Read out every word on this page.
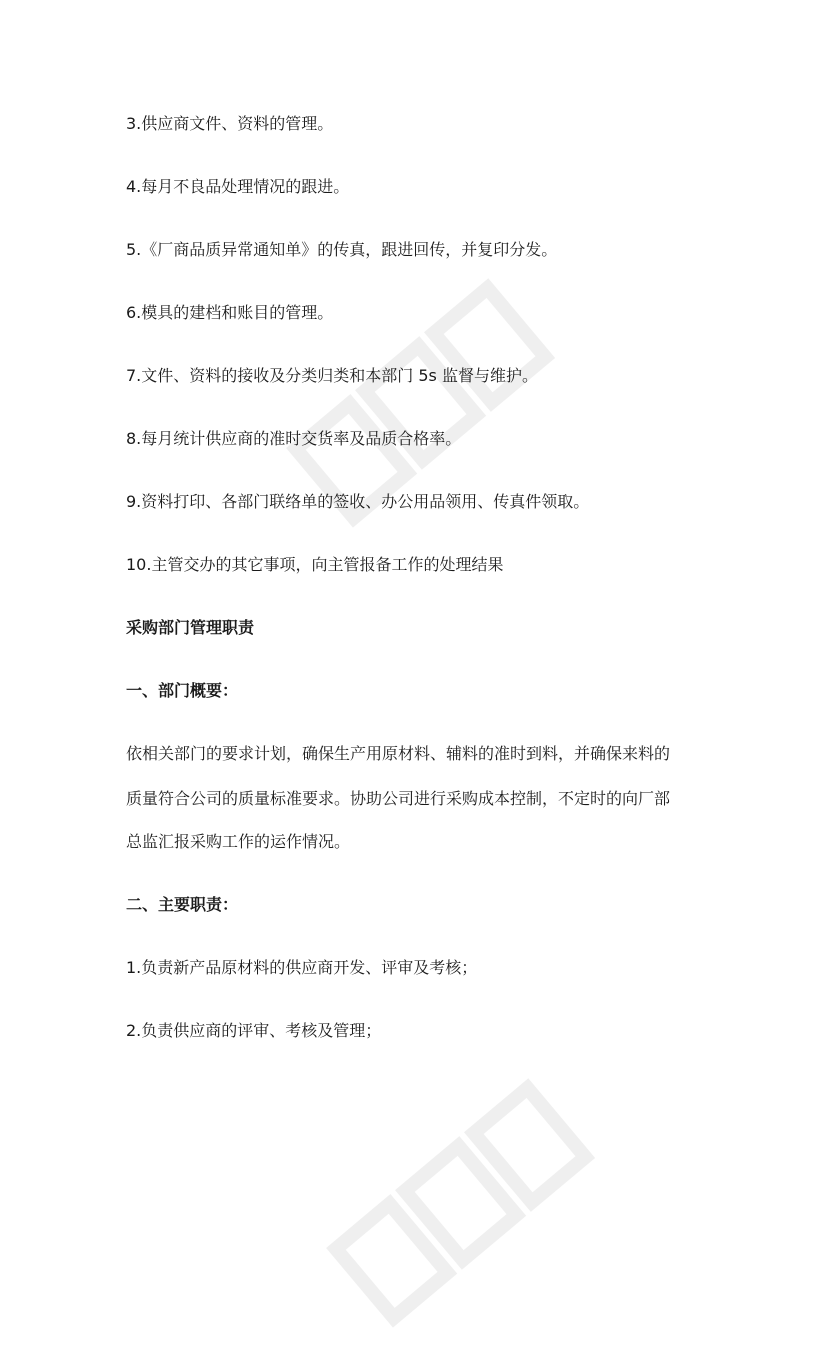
3.供应商文件、资料的管理。
4.每月不良品处理情况的跟进。
5.《厂商品质异常通知单》的传真，跟进回传，并复印分发。
6.模具的建档和账目的管理。
7.文件、资料的接收及分类归类和本部门 5s 监督与维护。
8.每月统计供应商的准时交货率及品质合格率。
9.资料打印、各部门联络单的签收、办公用品领用、传真件领取。
10.主管交办的其它事项，向主管报备工作的处理结果
采购部门管理职责
一、部门概要：
依相关部门的要求计划，确保生产用原材料、辅料的准时到料，并确保来料的
质量符合公司的质量标准要求。协助公司进行采购成本控制，不定时的向厂部
总监汇报采购工作的运作情况。
二、主要职责：
1.负责新产品原材料的供应商开发、评审及考核；
2.负责供应商的评审、考核及管理；
